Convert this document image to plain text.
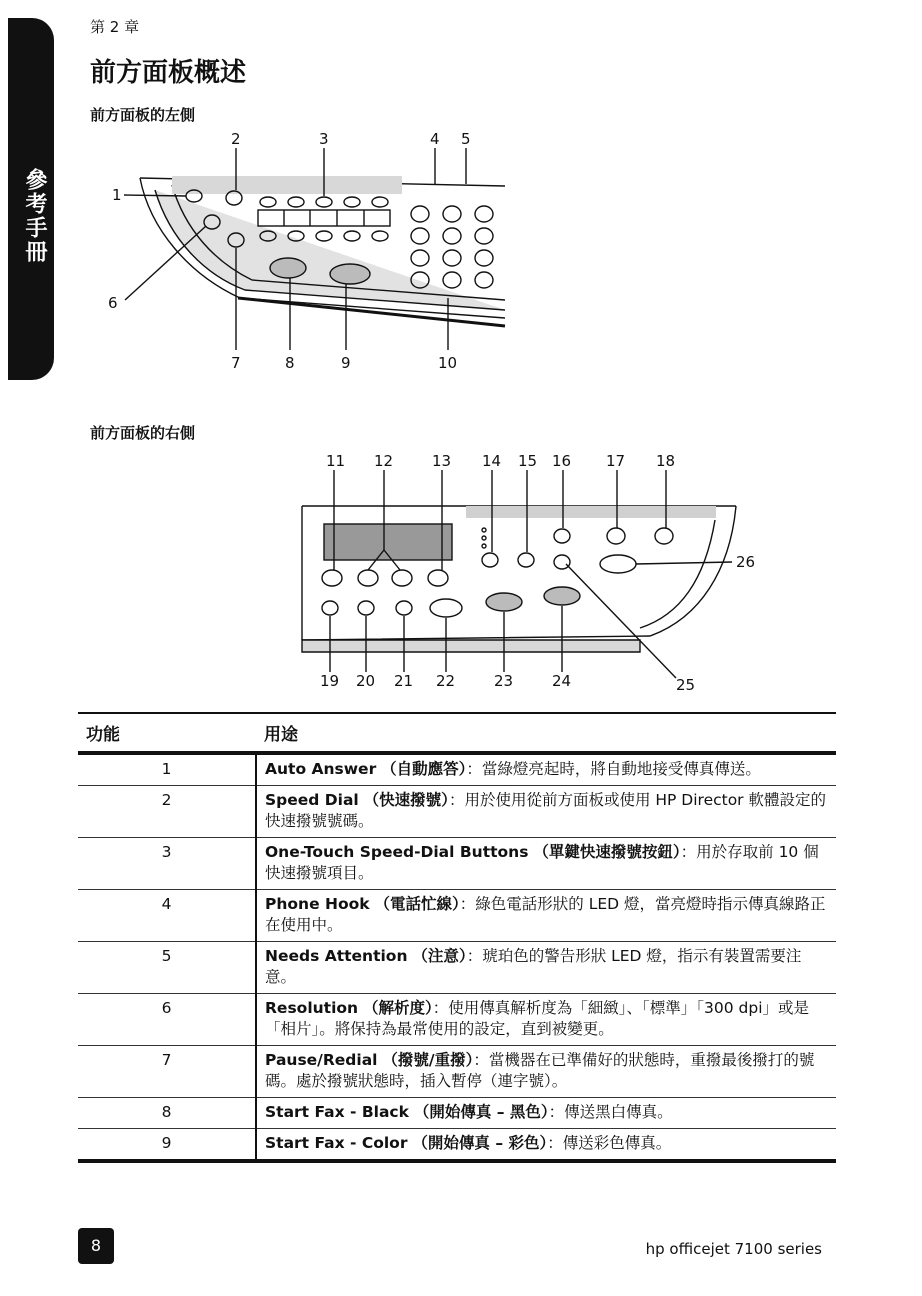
參考手冊
第 2 章
前方面板概述
前方面板的左側
1
2	3	4 5
6
7	8	9	10
前方面板的右側
11 12	13 14 15 16 17 18
19 20 21 22	23	24	25
26
功能	用途
1	Auto Answer （自動應答）：當綠燈亮起時，將自動地接受傳真傳送。
2	Speed Dial （快速撥號）：用於使用從前方面板或使用 HP Director 軟體設定的快速撥號號碼。
3	One-Touch Speed-Dial Buttons （單鍵快速撥號按鈕）：用於存取前 10 個快速撥號項目。
4	Phone Hook （電話忙線）：綠色電話形狀的 LED 燈，當亮燈時指示傳真線路正在使用中。
5	Needs Attention （注意）：琥珀色的警告形狀 LED 燈，指示有裝置需要注意。
6	Resolution （解析度）：使用傳真解析度為「細緻」、「標準」「300 dpi」或是「相片」。將保持為最常使用的設定，直到被變更。
7	Pause/Redial （撥號/重撥）：當機器在已準備好的狀態時，重撥最後撥打的號碼。處於撥號狀態時，插入暫停（連字號）。
8	Start Fax - Black （開始傳真 – 黑色）：傳送黑白傳真。
9	Start Fax - Color （開始傳真 – 彩色）：傳送彩色傳真。
8	hp officejet 7100 series
